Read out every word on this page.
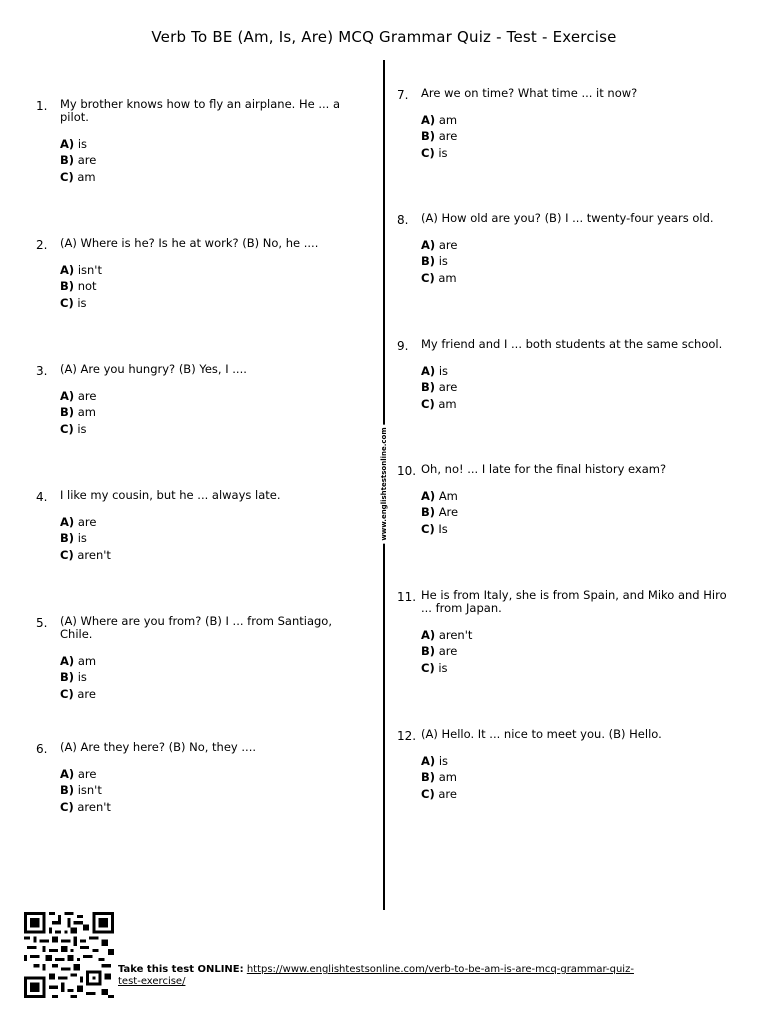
Verb To BE (Am, Is, Are) MCQ Grammar Quiz - Test - Exercise
www.englishtestsonline.com
1. My brother knows how to fly an airplane. He ... a pilot.
A) is
B) are
C) am
2. (A) Where is he? Is he at work? (B) No, he ....
A) isn't
B) not
C) is
3. (A) Are you hungry? (B) Yes, I ....
A) are
B) am
C) is
4. I like my cousin, but he ... always late.
A) are
B) is
C) aren't
5. (A) Where are you from? (B) I ... from Santiago, Chile.
A) am
B) is
C) are
6. (A) Are they here? (B) No, they ....
A) are
B) isn't
C) aren't
7. Are we on time? What time ... it now?
A) am
B) are
C) is
8. (A) How old are you? (B) I ... twenty-four years old.
A) are
B) is
C) am
9. My friend and I ... both students at the same school.
A) is
B) are
C) am
10. Oh, no! ... I late for the final history exam?
A) Am
B) Are
C) Is
11. He is from Italy, she is from Spain, and Miko and Hiro ... from Japan.
A) aren't
B) are
C) is
12. (A) Hello. It ... nice to meet you. (B) Hello.
A) is
B) am
C) are
Take this test ONLINE: https://www.englishtestsonline.com/verb-to-be-am-is-are-mcq-grammar-quiz-
test-exercise/
